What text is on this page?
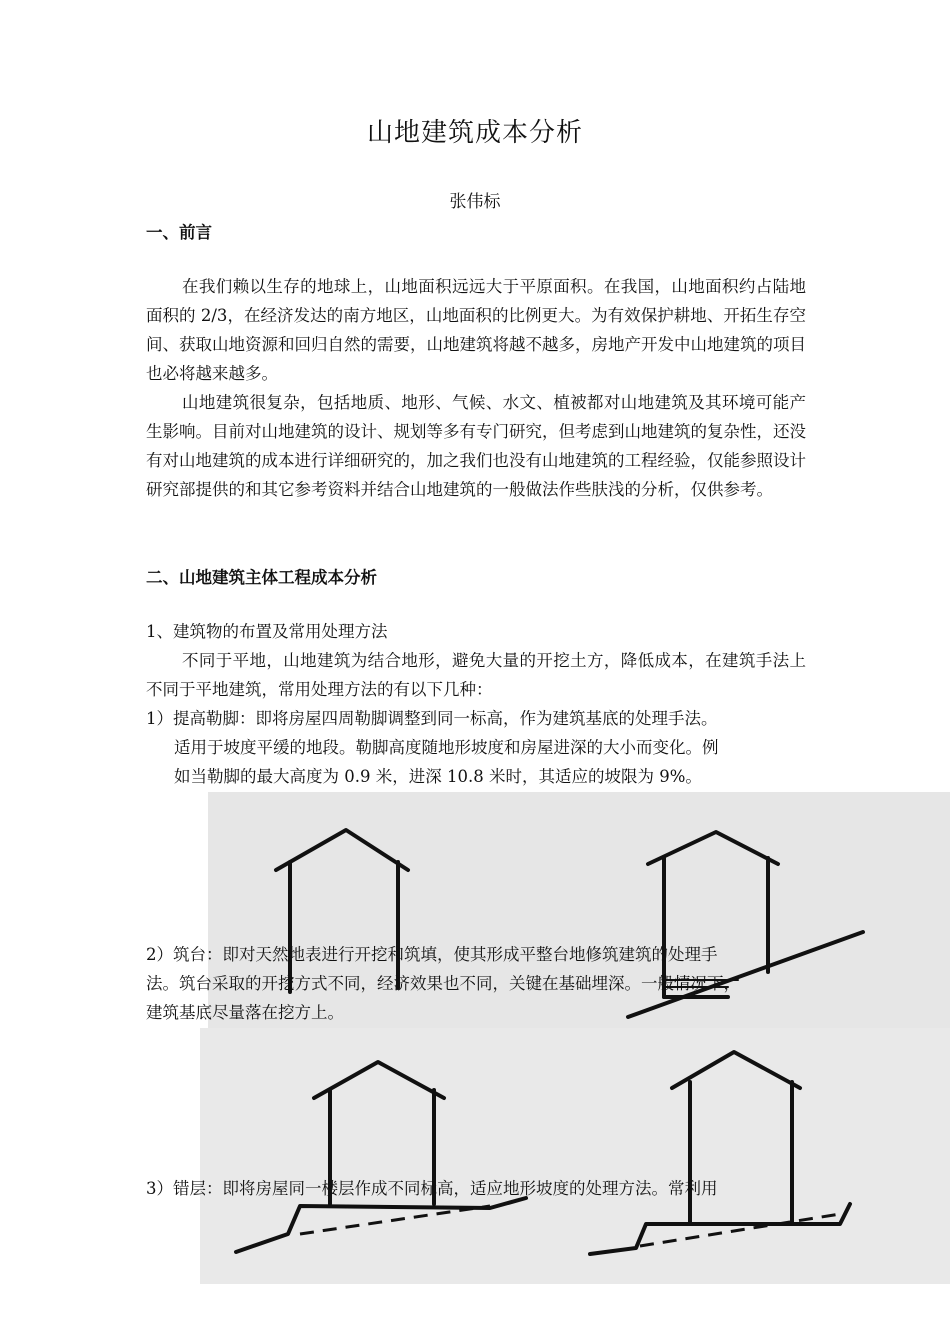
山地建筑成本分析
张伟标
一、前言
在我们赖以生存的地球上，山地面积远远大于平原面积。在我国，山地面积约占陆地面积的 2/3，在经济发达的南方地区，山地面积的比例更大。为有效保护耕地、开拓生存空间、获取山地资源和回归自然的需要，山地建筑将越不越多，房地产开发中山地建筑的项目也必将越来越多。
山地建筑很复杂，包括地质、地形、气候、水文、植被都对山地建筑及其环境可能产生影响。目前对山地建筑的设计、规划等多有专门研究，但考虑到山地建筑的复杂性，还没有对山地建筑的成本进行详细研究的，加之我们也没有山地建筑的工程经验，仅能参照设计研究部提供的和其它参考资料并结合山地建筑的一般做法作些肤浅的分析，仅供参考。
二、山地建筑主体工程成本分析
1、建筑物的布置及常用处理方法
不同于平地，山地建筑为结合地形，避免大量的开挖土方，降低成本，在建筑手法上不同于平地建筑，常用处理方法的有以下几种：
1）提高勒脚：即将房屋四周勒脚调整到同一标高，作为建筑基底的处理手法。
适用于坡度平缓的地段。勒脚高度随地形坡度和房屋进深的大小而变化。例
如当勒脚的最大高度为 0.9 米，进深 10.8 米时，其适应的坡限为 9%。
2）筑台：即对天然地表进行开挖和筑填，使其形成平整台地修筑建筑的处理手
法。筑台采取的开挖方式不同，经济效果也不同，关键在基础埋深。一般情况下，
建筑基底尽量落在挖方上。
3）错层：即将房屋同一楼层作成不同标高，适应地形坡度的处理方法。常利用
